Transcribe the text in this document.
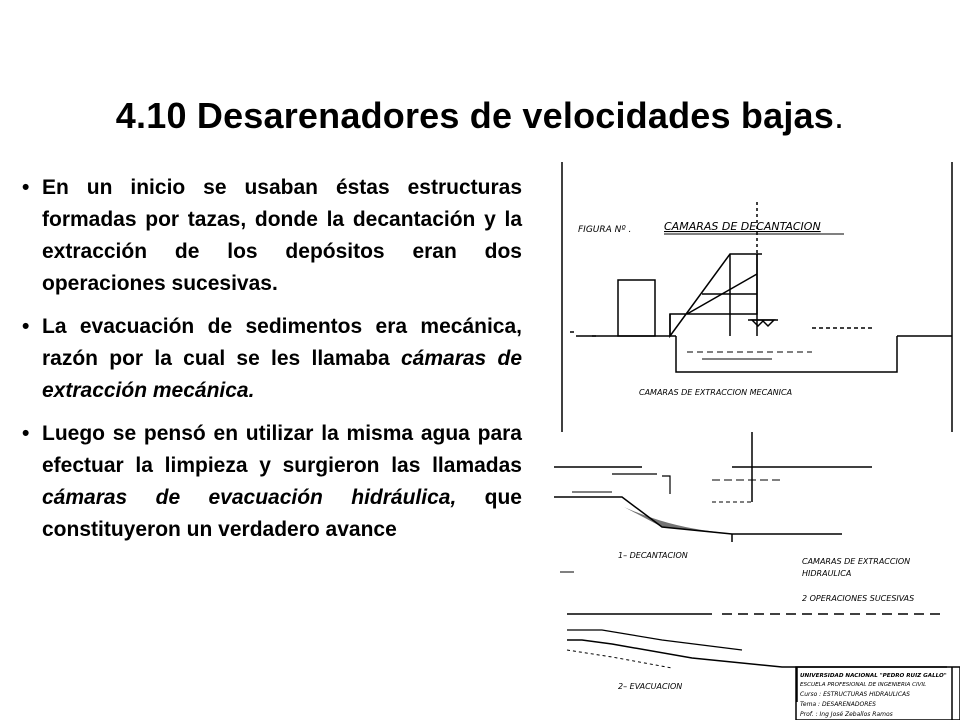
4.10 Desarenadores de velocidades bajas.
• En un inicio se usaban éstas estructuras formadas por tazas, donde la decantación y la extracción de los depósitos eran dos operaciones sucesivas.
• La evacuación de sedimentos era mecánica, razón por la cual se les llamaba cámaras de extracción mecánica.
• Luego se pensó en utilizar la misma agua para efectuar la limpieza y surgieron las llamadas cámaras de evacuación hidráulica, que constituyeron un verdadero avance
FIGURA Nº .	CAMARAS DE DECANTACION
CAMARAS DE EXTRACCION MECANICA
1– DECANTACION
CAMARAS DE EXTRACCION
HIDRAULICA
2 OPERACIONES SUCESIVAS
2– EVACUACION
UNIVERSIDAD NACIONAL "PEDRO RUIZ GALLO"
ESCUELA PROFESIONAL DE INGENIERIA CIVIL
Curso : ESTRUCTURAS HIDRAULICAS
Tema : DESARENADORES
Prof. : Ing José Zeballos Ramos
